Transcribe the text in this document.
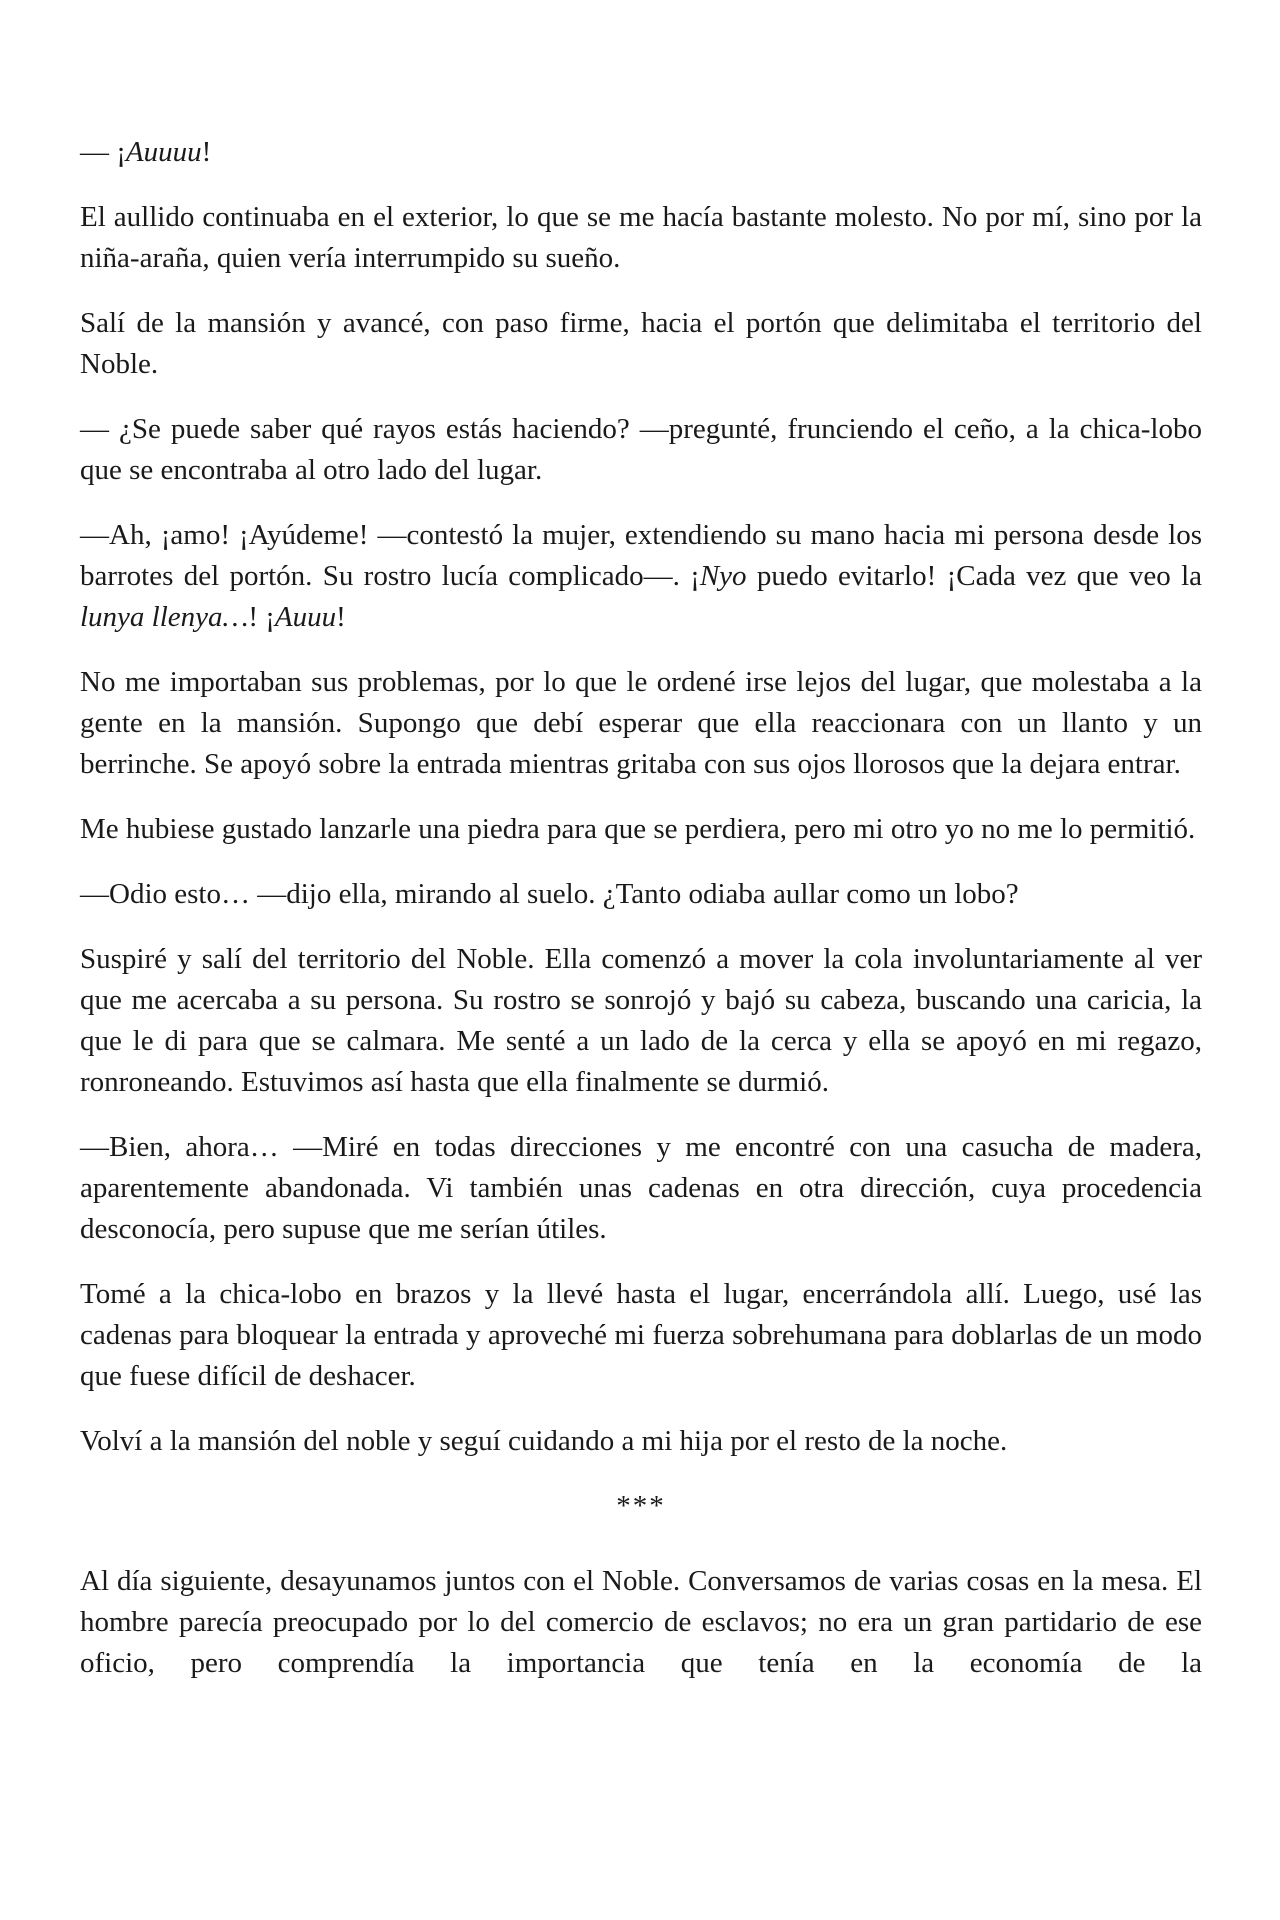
— ¡Auuuu!

El aullido continuaba en el exterior, lo que se me hacía bastante molesto. No por mí, sino por la niña-araña, quien vería interrumpido su sueño.

Salí de la mansión y avancé, con paso firme, hacia el portón que delimitaba el territorio del Noble.

— ¿Se puede saber qué rayos estás haciendo? —pregunté, frunciendo el ceño, a la chica-lobo que se encontraba al otro lado del lugar.

—Ah, ¡amo! ¡Ayúdeme! —contestó la mujer, extendiendo su mano hacia mi persona desde los barrotes del portón. Su rostro lucía complicado—. ¡Nyo puedo evitarlo! ¡Cada vez que veo la lunya llenya…! ¡Auuu!

No me importaban sus problemas, por lo que le ordené irse lejos del lugar, que molestaba a la gente en la mansión. Supongo que debí esperar que ella reaccionara con un llanto y un berrinche. Se apoyó sobre la entrada mientras gritaba con sus ojos llorosos que la dejara entrar.

Me hubiese gustado lanzarle una piedra para que se perdiera, pero mi otro yo no me lo permitió.

—Odio esto… —dijo ella, mirando al suelo. ¿Tanto odiaba aullar como un lobo?

Suspiré y salí del territorio del Noble. Ella comenzó a mover la cola involuntariamente al ver que me acercaba a su persona. Su rostro se sonrojó y bajó su cabeza, buscando una caricia, la que le di para que se calmara. Me senté a un lado de la cerca y ella se apoyó en mi regazo, ronroneando. Estuvimos así hasta que ella finalmente se durmió.

—Bien, ahora… —Miré en todas direcciones y me encontré con una casucha de madera, aparentemente abandonada. Vi también unas cadenas en otra dirección, cuya procedencia desconocía, pero supuse que me serían útiles.

Tomé a la chica-lobo en brazos y la llevé hasta el lugar, encerrándola allí. Luego, usé las cadenas para bloquear la entrada y aproveché mi fuerza sobrehumana para doblarlas de un modo que fuese difícil de deshacer.

Volví a la mansión del noble y seguí cuidando a mi hija por el resto de la noche.

***

Al día siguiente, desayunamos juntos con el Noble. Conversamos de varias cosas en la mesa. El hombre parecía preocupado por lo del comercio de esclavos; no era un gran partidario de ese oficio, pero comprendía la importancia que tenía en la economía de la
